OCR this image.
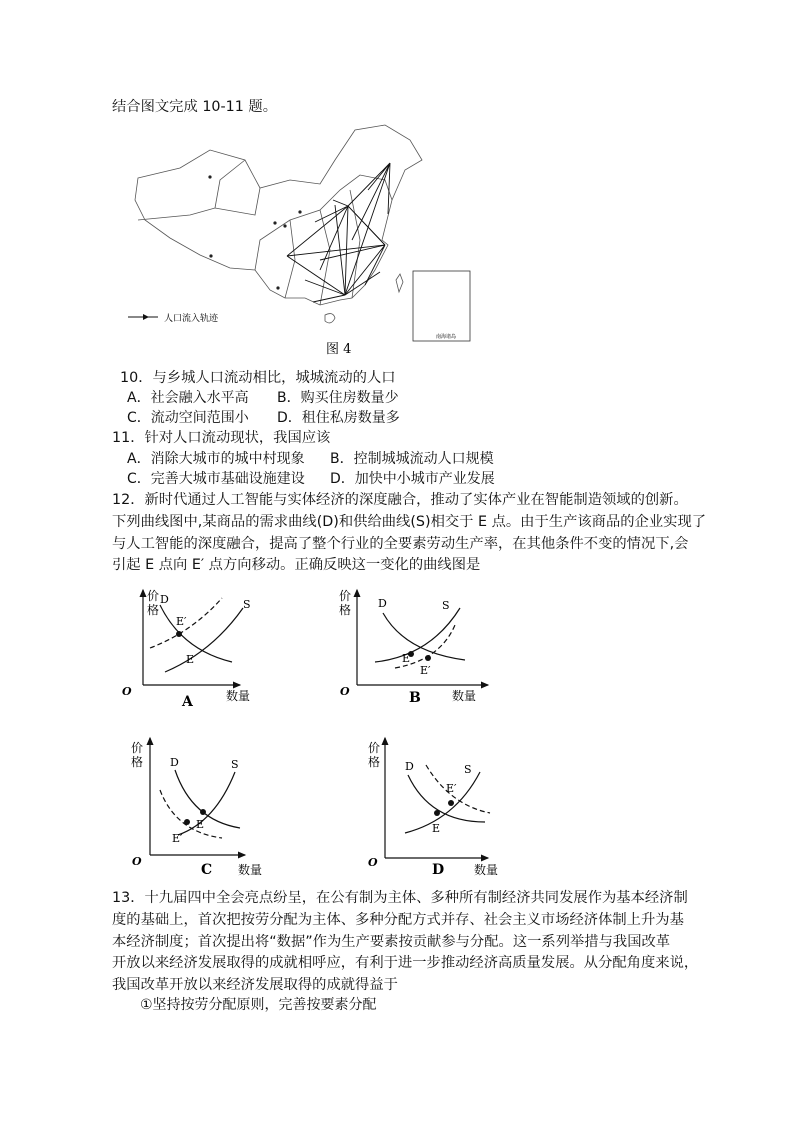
结合图文完成 10-11 题。
南海诸岛
人口流入轨迹
图 4
10．与乡城人口流动相比，城城流动的人口
A．社会融入水平高 B．购买住房数量少
C．流动空间范围小 D．租住私房数量多
11．针对人口流动现状，我国应该
A．消除大城市的城中村现象 B．控制城城流动人口规模
C．完善大城市基础设施建设 D．加快中小城市产业发展
12．新时代通过人工智能与实体经济的深度融合，推动了实体产业在智能制造领域的创新。
下列曲线图中,某商品的需求曲线(D)和供给曲线(S)相交于 E 点。由于生产该商品的企业实现了
与人工智能的深度融合，提高了整个行业的全要素劳动生产率，在其他条件不变的情况下,会
引起 E 点向 E′ 点方向移动。正确反映这一变化的曲线图是
价
格
O	数量
A
D	S
E
E′
价
格
O	数量
B
D	S
E
E′
价
格
O
数量
C
D	S
E
E′
价
格
O
数量
D
D	S
E
E′
13．十九届四中全会亮点纷呈，在公有制为主体、多种所有制经济共同发展作为基本经济制
度的基础上，首次把按劳分配为主体、多种分配方式并存、社会主义市场经济体制上升为基
本经济制度；首次提出将“数据”作为生产要素按贡献参与分配。这一系列举措与我国改革
开放以来经济发展取得的成就相呼应，有利于进一步推动经济高质量发展。从分配角度来说，
我国改革开放以来经济发展取得的成就得益于
①坚持按劳分配原则，完善按要素分配
